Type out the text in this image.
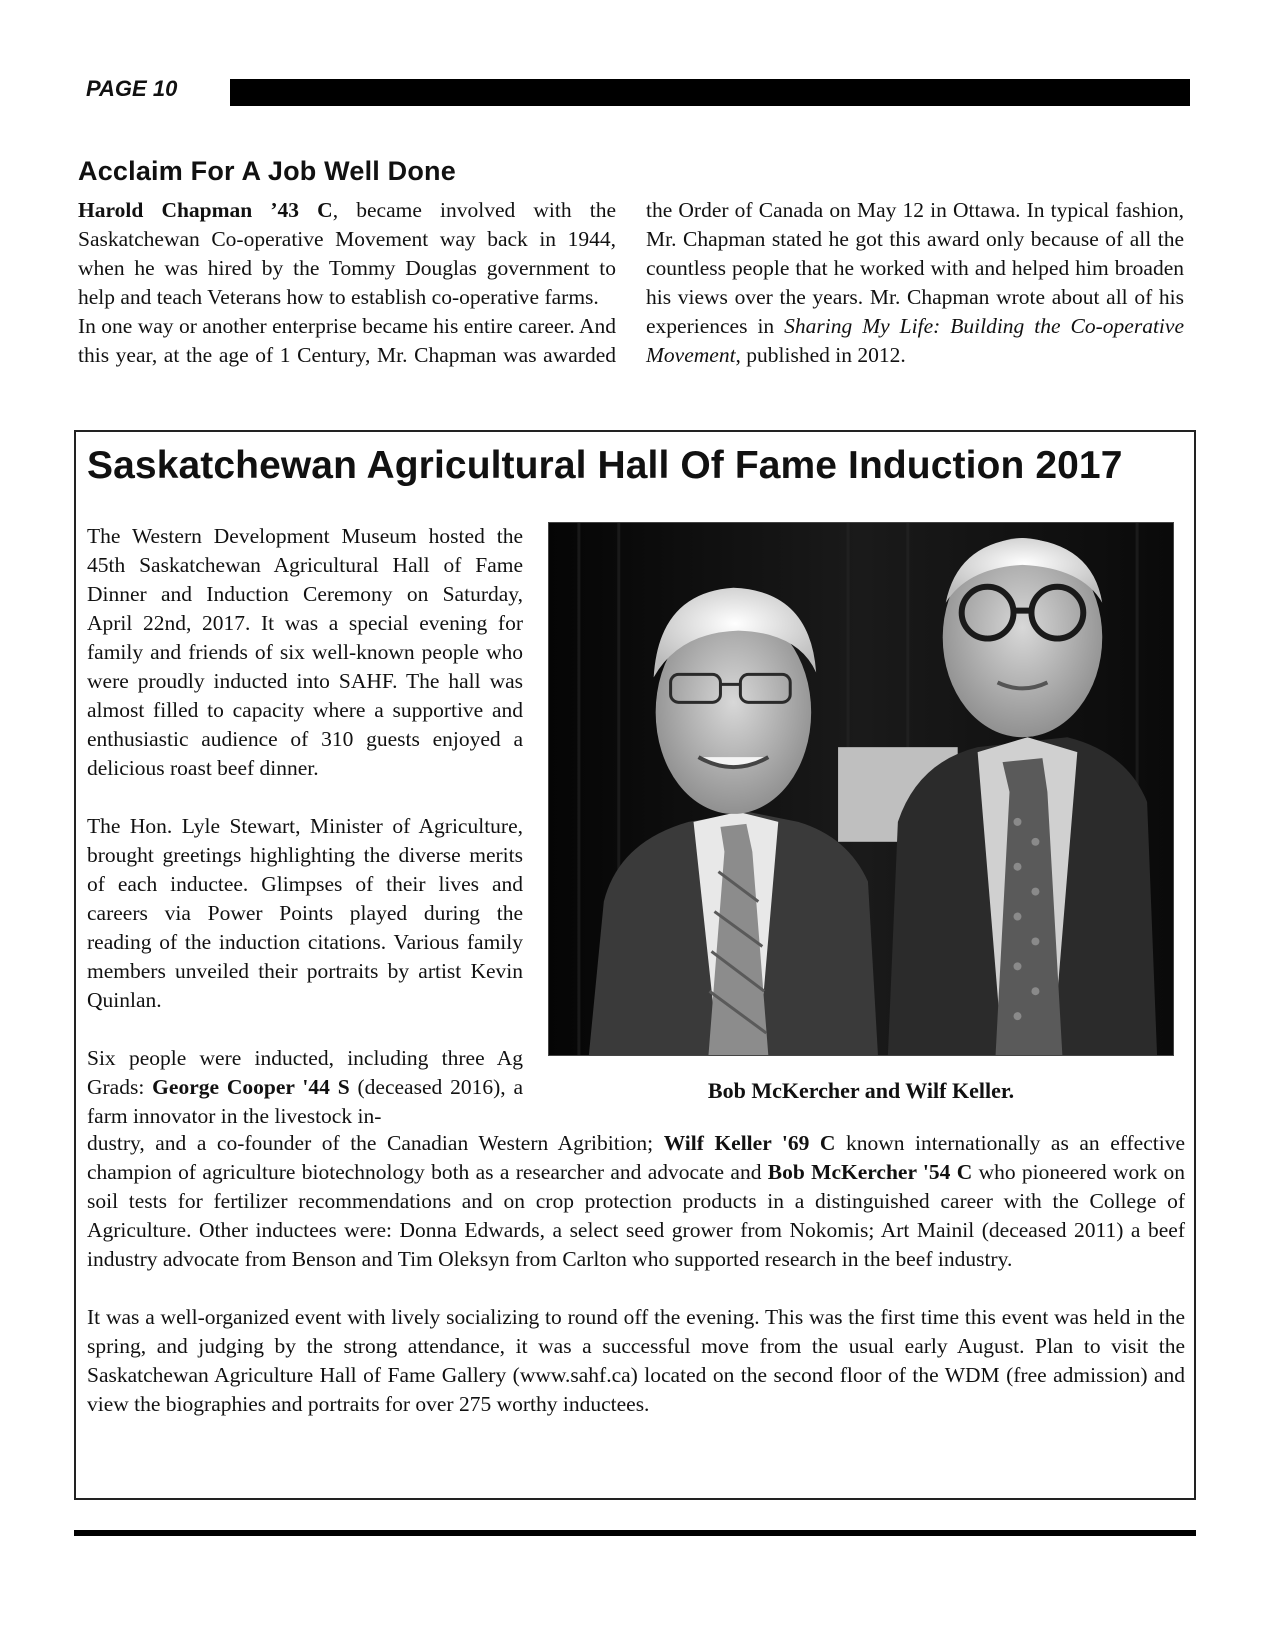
PAGE 10
Acclaim For A Job Well Done

Harold Chapman ’43 C, became involved with the Saskatchewan Co-operative Movement way back in 1944, when he was hired by the Tommy Douglas government to help and teach Veterans how to establish co-operative farms.

In one way or another enterprise became his entire career. And this year, at the age of 1 Century, Mr. Chapman was awarded the Order of Canada on May 12 in Ottawa. In typical fashion, Mr. Chapman stated he got this award only because of all the countless people that he worked with and helped him broaden his views over the years. Mr. Chapman wrote about all of his experiences in Sharing My Life: Building the Co-operative Movement, published in 2012.

Saskatchewan Agricultural Hall Of Fame Induction 2017

The Western Development Museum hosted the 45th Saskatchewan Agricultural Hall of Fame Dinner and Induction Ceremony on Saturday, April 22nd, 2017. It was a special evening for family and friends of six well-known people who were proudly inducted into SAHF. The hall was almost filled to capacity where a supportive and enthusiastic audience of 310 guests enjoyed a delicious roast beef dinner.

The Hon. Lyle Stewart, Minister of Agriculture, brought greetings highlighting the diverse merits of each inductee. Glimpses of their lives and careers via Power Points played during the reading of the induction citations. Various family members unveiled their portraits by artist Kevin Quinlan.

Six people were inducted, including three Ag Grads: George Cooper '44 S (deceased 2016), a farm innovator in the livestock in-

Bob McKercher and Wilf Keller.

dustry, and a co-founder of the Canadian Western Agribition; Wilf Keller '69 C known internationally as an effective champion of agriculture biotechnology both as a researcher and advocate and Bob McKercher '54 C who pioneered work on soil tests for fertilizer recommendations and on crop protection products in a distinguished career with the College of Agriculture. Other inductees were: Donna Edwards, a select seed grower from Nokomis; Art Mainil (deceased 2011) a beef industry advocate from Benson and Tim Oleksyn from Carlton who supported research in the beef industry.

It was a well-organized event with lively socializing to round off the evening. This was the first time this event was held in the spring, and judging by the strong attendance, it was a successful move from the usual early August. Plan to visit the Saskatchewan Agriculture Hall of Fame Gallery (www.sahf.ca) located on the second floor of the WDM (free admission) and view the biographies and portraits for over 275 worthy inductees.
